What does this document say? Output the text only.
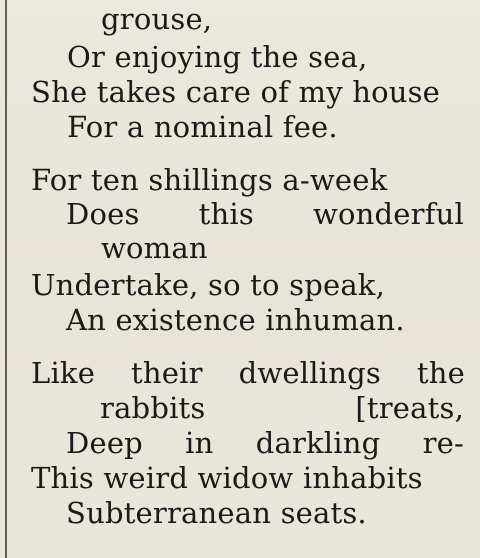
grouse,
Or enjoying the sea,
She takes care of my house
For a nominal fee.
For ten shillings a-week
Does this wonderful
woman
Undertake, so to speak,
An existence inhuman.
Like their dwellings the
rabbits	[treats,
Deep in darkling re-
This weird widow inhabits
Subterranean seats.
